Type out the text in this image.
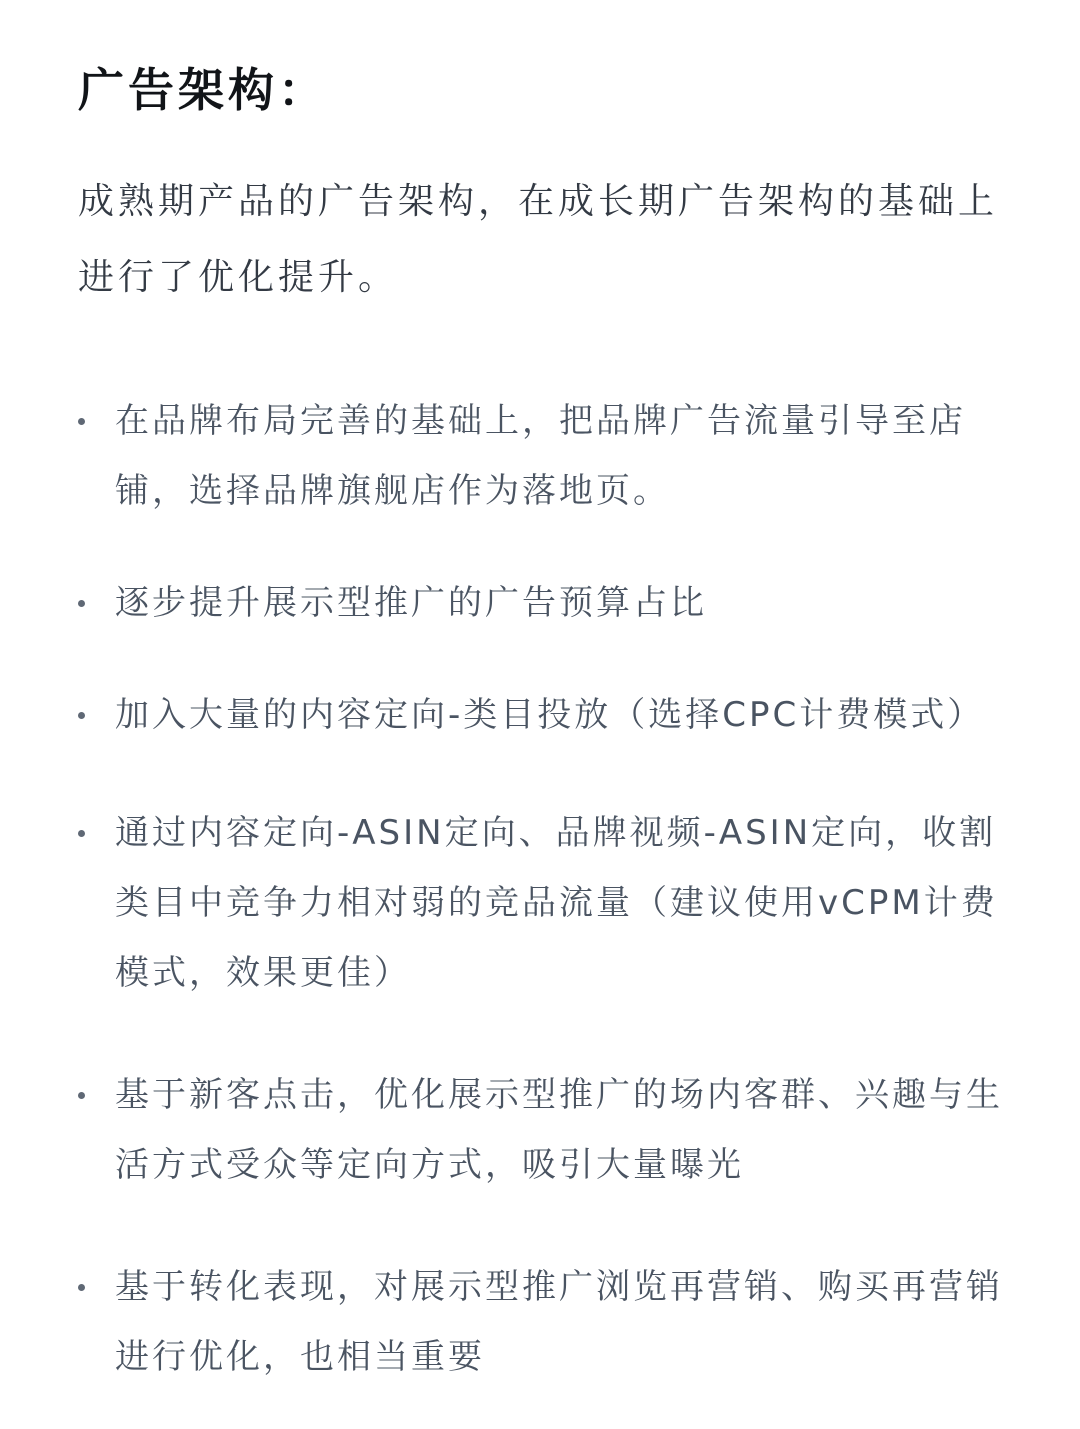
广告架构：

成熟期产品的广告架构，在成长期广告架构的基础上进行了优化提升。

在品牌布局完善的基础上，把品牌广告流量引导至店铺，选择品牌旗舰店作为落地页。
逐步提升展示型推广的广告预算占比
加入大量的内容定向-类目投放（选择CPC计费模式）
通过内容定向-ASIN定向、品牌视频-ASIN定向，收割类目中竞争力相对弱的竞品流量（建议使用vCPM计费模式，效果更佳）
基于新客点击，优化展示型推广的场内客群、兴趣与生活方式受众等定向方式，吸引大量曝光
基于转化表现，对展示型推广浏览再营销、购买再营销进行优化，也相当重要
